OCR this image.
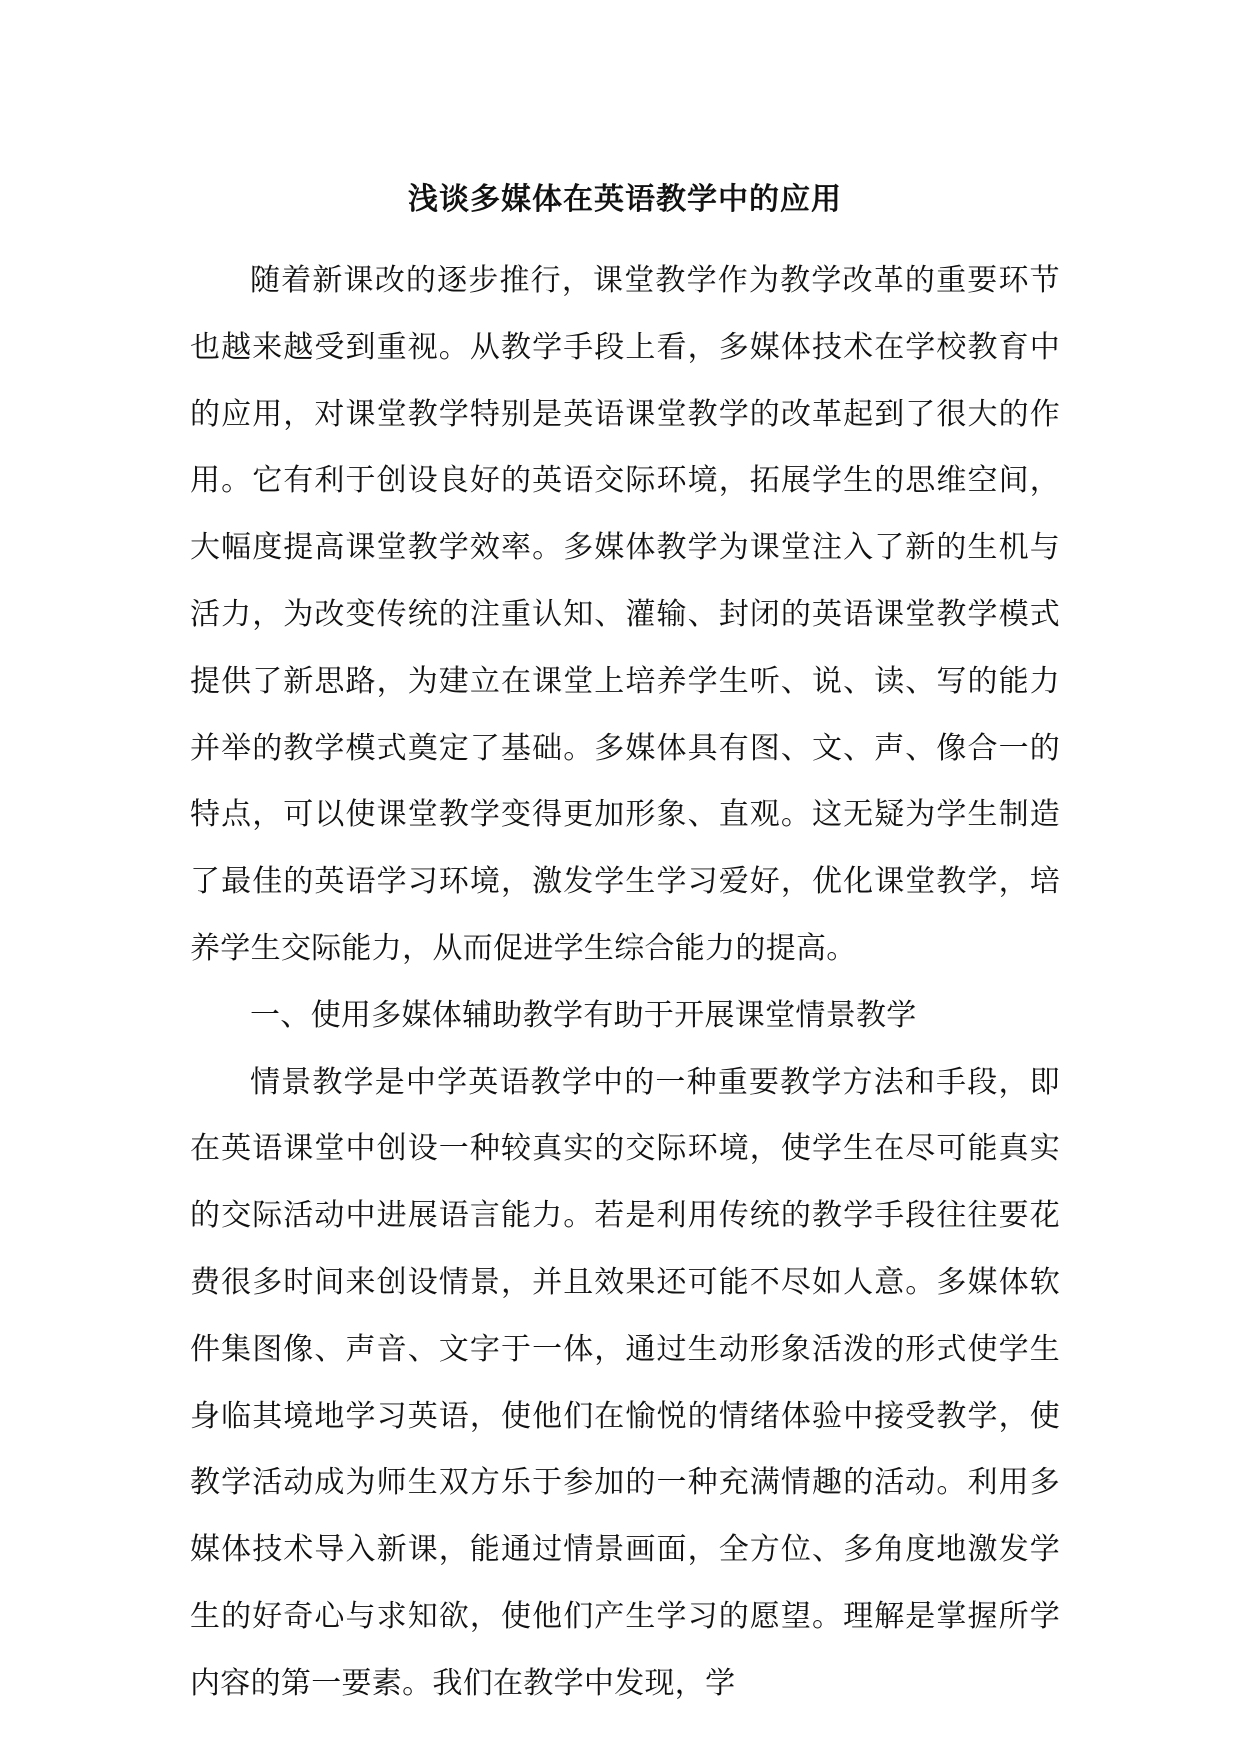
浅谈多媒体在英语教学中的应用

随着新课改的逐步推行，课堂教学作为教学改革的重要环节也越来越受到重视。从教学手段上看，多媒体技术在学校教育中的应用，对课堂教学特别是英语课堂教学的改革起到了很大的作用。它有利于创设良好的英语交际环境，拓展学生的思维空间，大幅度提高课堂教学效率。多媒体教学为课堂注入了新的生机与活力，为改变传统的注重认知、灌输、封闭的英语课堂教学模式提供了新思路，为建立在课堂上培养学生听、说、读、写的能力并举的教学模式奠定了基础。多媒体具有图、文、声、像合一的特点，可以使课堂教学变得更加形象、直观。这无疑为学生制造了最佳的英语学习环境，激发学生学习爱好，优化课堂教学，培养学生交际能力，从而促进学生综合能力的提高。

一、使用多媒体辅助教学有助于开展课堂情景教学

情景教学是中学英语教学中的一种重要教学方法和手段，即在英语课堂中创设一种较真实的交际环境，使学生在尽可能真实的交际活动中进展语言能力。若是利用传统的教学手段往往要花费很多时间来创设情景，并且效果还可能不尽如人意。多媒体软件集图像、声音、文字于一体，通过生动形象活泼的形式使学生身临其境地学习英语，使他们在愉悦的情绪体验中接受教学，使教学活动成为师生双方乐于参加的一种充满情趣的活动。利用多媒体技术导入新课，能通过情景画面，全方位、多角度地激发学生的好奇心与求知欲，使他们产生学习的愿望。理解是掌握所学内容的第一要素。我们在教学中发现，学
